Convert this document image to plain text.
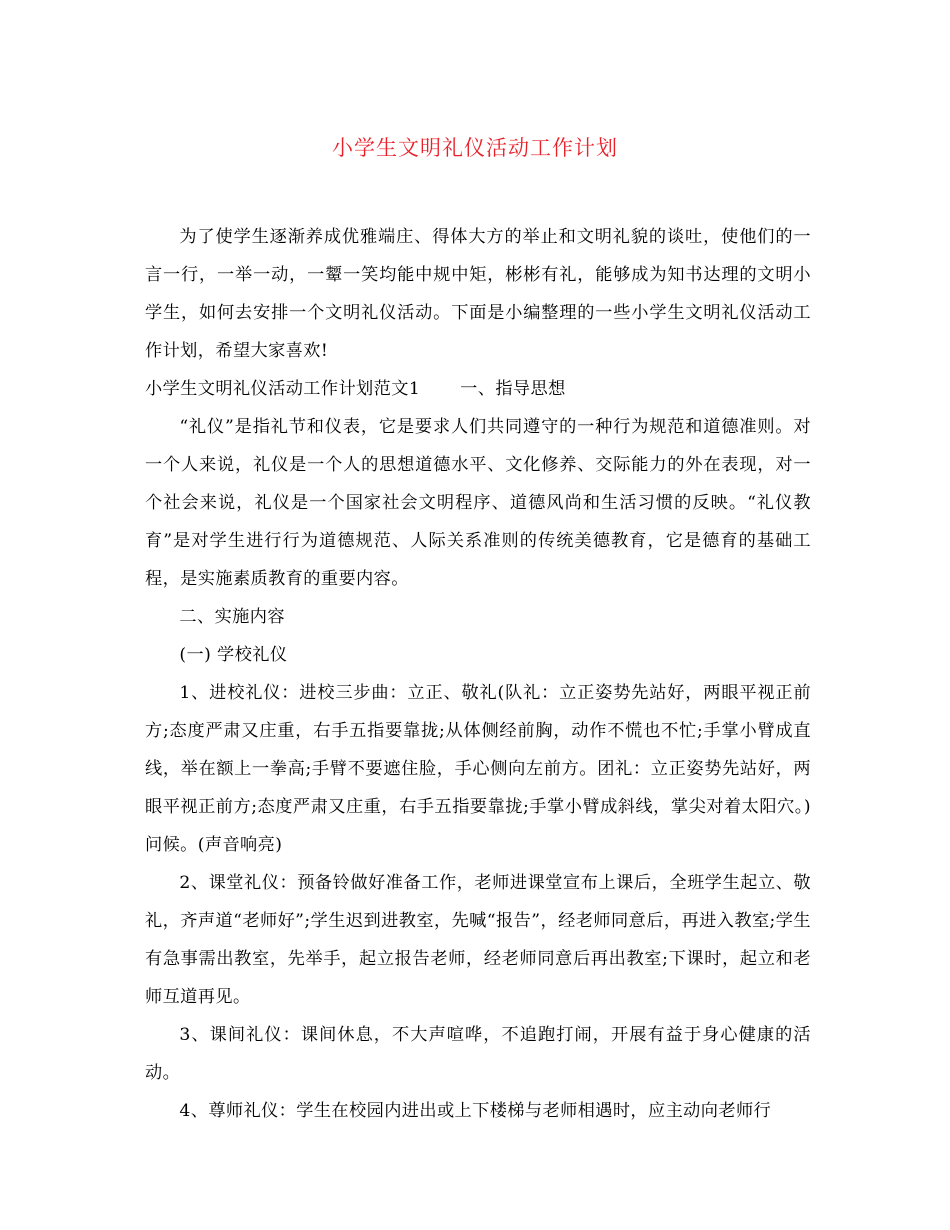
小学生文明礼仪活动工作计划

为了使学生逐渐养成优雅端庄、得体大方的举止和文明礼貌的谈吐，使他们的一言一行，一举一动，一颦一笑均能中规中矩，彬彬有礼，能够成为知书达理的文明小学生，如何去安排一个文明礼仪活动。下面是小编整理的一些小学生文明礼仪活动工作计划，希望大家喜欢!

小学生文明礼仪活动工作计划范文1 一、指导思想

“礼仪”是指礼节和仪表，它是要求人们共同遵守的一种行为规范和道德准则。对一个人来说，礼仪是一个人的思想道德水平、文化修养、交际能力的外在表现，对一个社会来说，礼仪是一个国家社会文明程序、道德风尚和生活习惯的反映。“礼仪教育”是对学生进行行为道德规范、人际关系准则的传统美德教育，它是德育的基础工程，是实施素质教育的重要内容。

二、实施内容

(一) 学校礼仪

1、进校礼仪：进校三步曲：立正、敬礼(队礼：立正姿势先站好，两眼平视正前方;态度严肃又庄重，右手五指要靠拢;从体侧经前胸，动作不慌也不忙;手掌小臂成直线，举在额上一拳高;手臂不要遮住脸，手心侧向左前方。团礼：立正姿势先站好，两眼平视正前方;态度严肃又庄重，右手五指要靠拢;手掌小臂成斜线，掌尖对着太阳穴。)问候。(声音响亮)

2、课堂礼仪：预备铃做好准备工作，老师进课堂宣布上课后，全班学生起立、敬礼，齐声道“老师好”;学生迟到进教室，先喊“报告”，经老师同意后，再进入教室;学生有急事需出教室，先举手，起立报告老师，经老师同意后再出教室;下课时，起立和老师互道再见。

3、课间礼仪：课间休息，不大声喧哗，不追跑打闹，开展有益于身心健康的活动。

4、尊师礼仪：学生在校园内进出或上下楼梯与老师相遇时，应主动向老师行
